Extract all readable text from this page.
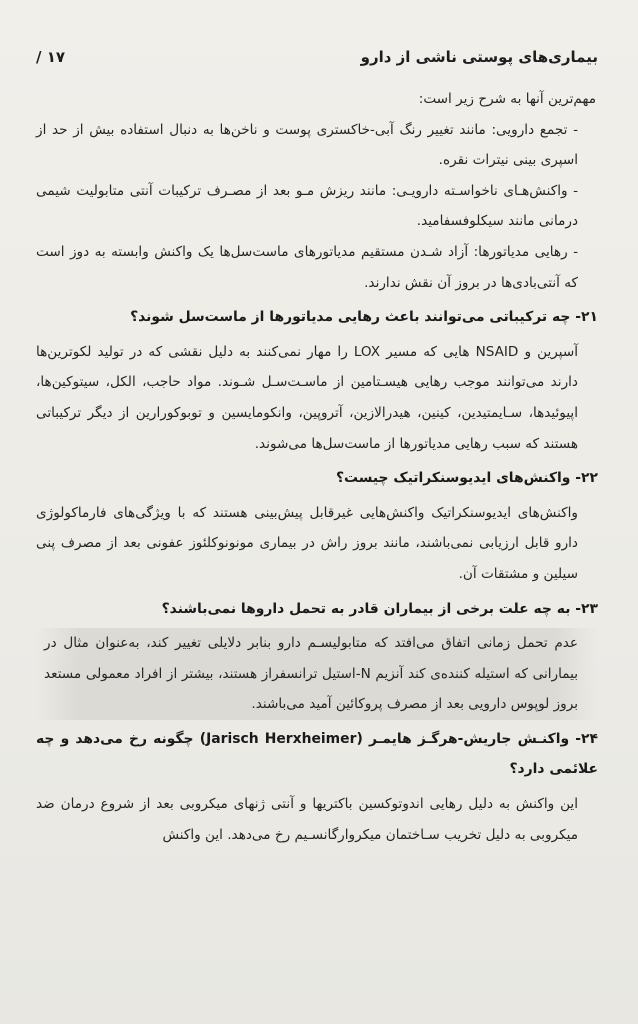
بیماری‌های پوستی ناشی از دارو
۱۷ /

مهم‌ترین آنها به شرح زیر است:

- تجمع دارویی: مانند تغییر رنگ آبی-خاکستری پوست و ناخن‌ها به دنبال استفاده بیش از حد از اسپری بینی نیترات نقره.

- واکنش‌هـای ناخواسـته دارویـی: مانند ریزش مـو بعد از مصـرف ترکیبات آنتی متابولیت شیمی درمانی مانند سیکلوفسفامید.

- رهایی مدیاتورها: آزاد شـدن مستقیم مدیاتورهای ماست‌سل‌ها یک واکنش وابسته به دوز است که آنتی‌بادی‌ها در بروز آن نقش ندارند.

۲۱- چه ترکیباتی می‌توانند باعث رهایی مدیاتورها از ماست‌سل شوند؟

آسپرین و NSAID هایی که مسیر LOX را مهار نمی‌کنند به دلیل نقشی که در تولید لکوترین‌ها دارند می‌توانند موجب رهایی هیسـتامین از ماسـت‌سـل شـوند. مواد حاجب، الکل، سیتوکین‌ها، اپیوئیدها، سـایمتیدین، کینین، هیدرالازین، آتروپین، وانکومایسین و توبوکورارین از دیگر ترکیباتی هستند که سبب رهایی مدیاتورها از ماست‌سل‌ها می‌شوند.

۲۲- واکنش‌های ایدیوسنکراتیک چیست؟

واکنش‌های ایدیوسنکراتیک واکنش‌هایی غیرقابل پیش‌بینی هستند که با ویژگی‌های فارماکولوژی دارو قابل ارزیابی نمی‌باشند، مانند بروز راش در بیماری مونونوکلئوز عفونی بعد از مصرف پنی سیلین و مشتقات آن.

۲۳- به چه علت برخی از بیماران قادر به تحمل داروها نمی‌باشند؟

عدم تحمل زمانی اتفاق می‌افتد که متابولیسـم دارو بنابر دلایلی تغییر کند، به‌عنوان مثال در بیمارانی که استیله کننده‌ی کند آنزیم N-استیل ترانسفراز هستند، بیشتر از افراد معمولی مستعد بروز لوپوس دارویی بعد از مصرف پروکائین آمید می‌باشند.

۲۴- واکنـش جاریش-هرگـز هایمـر (Jarisch Herxheimer) چگونه رخ می‌دهد و چه علائمی دارد؟

این واکنش به دلیل رهایی اندوتوکسین باکتریها و آنتی ژنهای میکروبی بعد از شروع درمان ضد میکروبی به دلیل تخریب سـاختمان میکروارگانسـیم رخ می‌دهد. این واکنش
